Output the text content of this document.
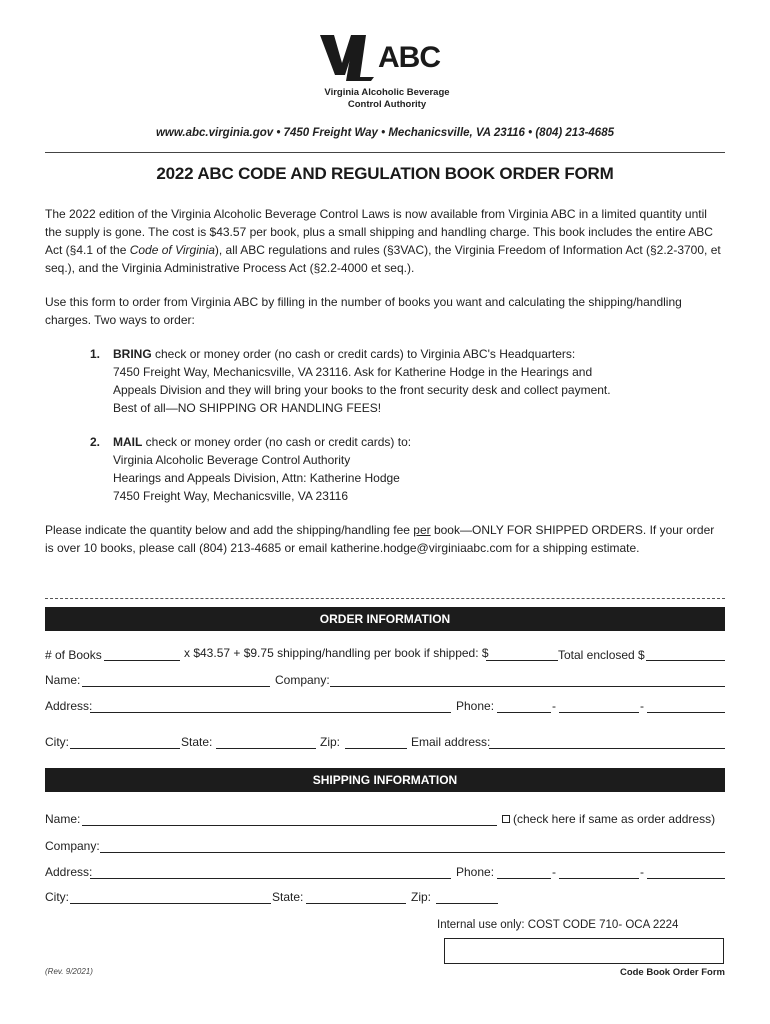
ABC
Virginia Alcoholic Beverage
Control Authority
www.abc.virginia.gov • 7450 Freight Way • Mechanicsville, VA 23116 • (804) 213-4685
2022 ABC CODE AND REGULATION BOOK ORDER FORM
The 2022 edition of the Virginia Alcoholic Beverage Control Laws is now available from Virginia ABC in a limited quantity until the supply is gone. The cost is $43.57 per book, plus a small shipping and handling charge. This book includes the entire ABC Act (§4.1 of the Code of Virginia), all ABC regulations and rules (§3VAC), the Virginia Freedom of Information Act (§2.2-3700, et seq.), and the Virginia Administrative Process Act (§2.2-4000 et seq.).
Use this form to order from Virginia ABC by filling in the number of books you want and calculating the shipping/handling charges. Two ways to order:
1. BRING check or money order (no cash or credit cards) to Virginia ABC's Headquarters:
7450 Freight Way, Mechanicsville, VA 23116. Ask for Katherine Hodge in the Hearings and
Appeals Division and they will bring your books to the front security desk and collect payment.
Best of all—NO SHIPPING OR HANDLING FEES!
2. MAIL check or money order (no cash or credit cards) to:
Virginia Alcoholic Beverage Control Authority
Hearings and Appeals Division, Attn: Katherine Hodge
7450 Freight Way, Mechanicsville, VA 23116
Please indicate the quantity below and add the shipping/handling fee per book—ONLY FOR SHIPPED ORDERS. If your order is over 10 books, please call (804) 213-4685 or email katherine.hodge@virginiaabc.com for a shipping estimate.
ORDER INFORMATION
# of Books	x $43.57 + $9.75 shipping/handling per book if shipped: $	Total enclosed $
Name:	Company:
Address:	Phone:	-	-
City:	State:	Zip:	Email address:
SHIPPING INFORMATION
Name:	(check here if same as order address)
Company:
Address:	Phone:	-	-
City:	State:	Zip:
Internal use only: COST CODE 710- OCA 2224
(Rev. 9/2021)	Code Book Order Form
